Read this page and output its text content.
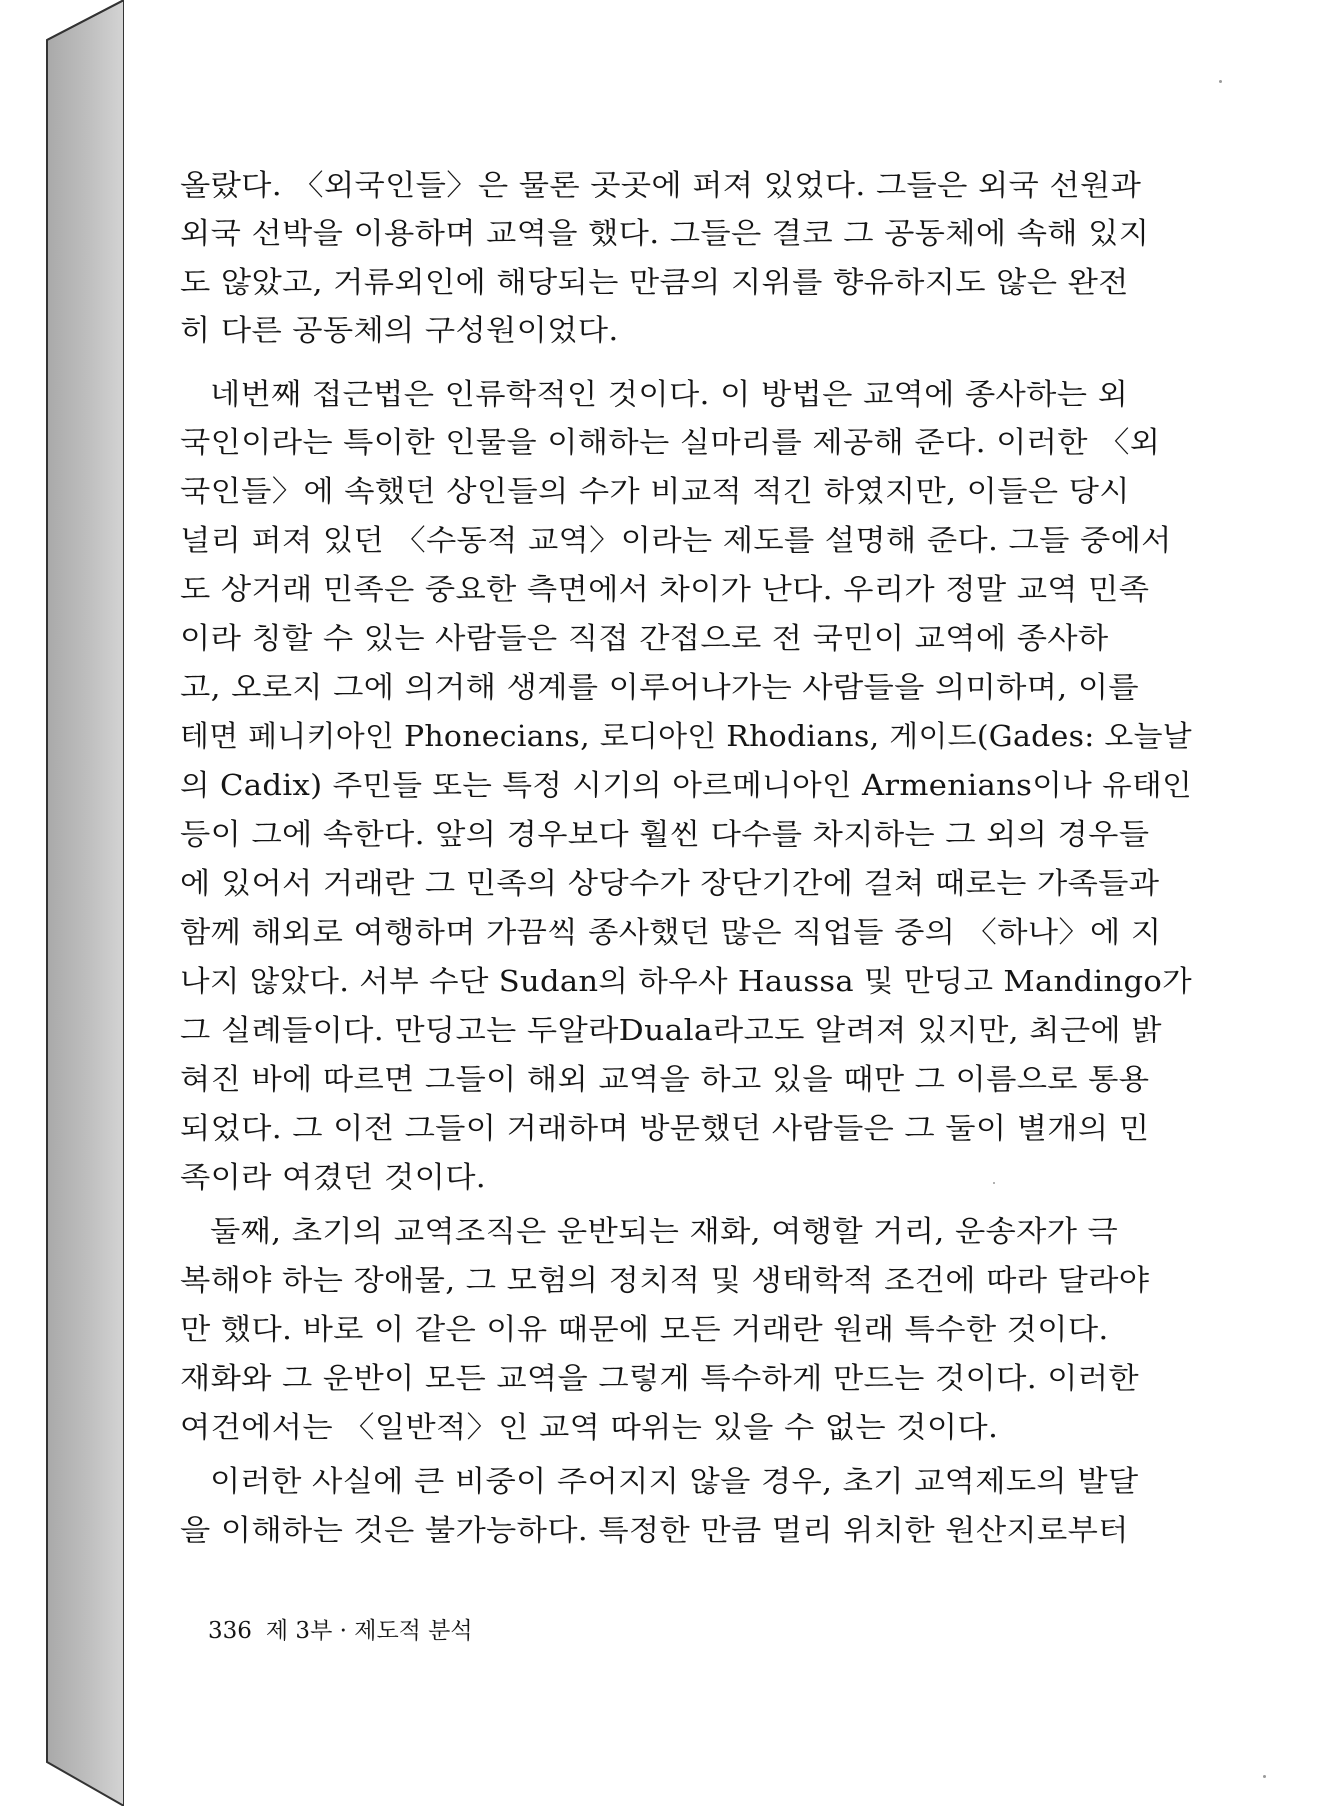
올랐다. 〈외국인들〉은 물론 곳곳에 퍼져 있었다. 그들은 외국 선원과
외국 선박을 이용하며 교역을 했다. 그들은 결코 그 공동체에 속해 있지
도 않았고, 거류외인에 해당되는 만큼의 지위를 향유하지도 않은 완전
히 다른 공동체의 구성원이었다.
네번째 접근법은 인류학적인 것이다. 이 방법은 교역에 종사하는 외
국인이라는 특이한 인물을 이해하는 실마리를 제공해 준다. 이러한 〈외
국인들〉에 속했던 상인들의 수가 비교적 적긴 하였지만, 이들은 당시
널리 퍼져 있던 〈수동적 교역〉이라는 제도를 설명해 준다. 그들 중에서
도 상거래 민족은 중요한 측면에서 차이가 난다. 우리가 정말 교역 민족
이라 칭할 수 있는 사람들은 직접 간접으로 전 국민이 교역에 종사하
고, 오로지 그에 의거해 생계를 이루어나가는 사람들을 의미하며, 이를
테면 페니키아인 Phonecians, 로디아인 Rhodians, 게이드(Gades: 오늘날
의 Cadix) 주민들 또는 특정 시기의 아르메니아인 Armenians이나 유태인
등이 그에 속한다. 앞의 경우보다 훨씬 다수를 차지하는 그 외의 경우들
에 있어서 거래란 그 민족의 상당수가 장단기간에 걸쳐 때로는 가족들과
함께 해외로 여행하며 가끔씩 종사했던 많은 직업들 중의 〈하나〉에 지
나지 않았다. 서부 수단 Sudan의 하우사 Haussa 및 만딩고 Mandingo가
그 실례들이다. 만딩고는 두알라Duala라고도 알려져 있지만, 최근에 밝
혀진 바에 따르면 그들이 해외 교역을 하고 있을 때만 그 이름으로 통용
되었다. 그 이전 그들이 거래하며 방문했던 사람들은 그 둘이 별개의 민
족이라 여겼던 것이다.
둘째, 초기의 교역조직은 운반되는 재화, 여행할 거리, 운송자가 극
복해야 하는 장애물, 그 모험의 정치적 및 생태학적 조건에 따라 달라야
만 했다. 바로 이 같은 이유 때문에 모든 거래란 원래 특수한 것이다.
재화와 그 운반이 모든 교역을 그렇게 특수하게 만드는 것이다. 이러한
여건에서는 〈일반적〉인 교역 따위는 있을 수 없는 것이다.
이러한 사실에 큰 비중이 주어지지 않을 경우, 초기 교역제도의 발달
을 이해하는 것은 불가능하다. 특정한 만큼 멀리 위치한 원산지로부터
336 제 3부 · 제도적 분석
